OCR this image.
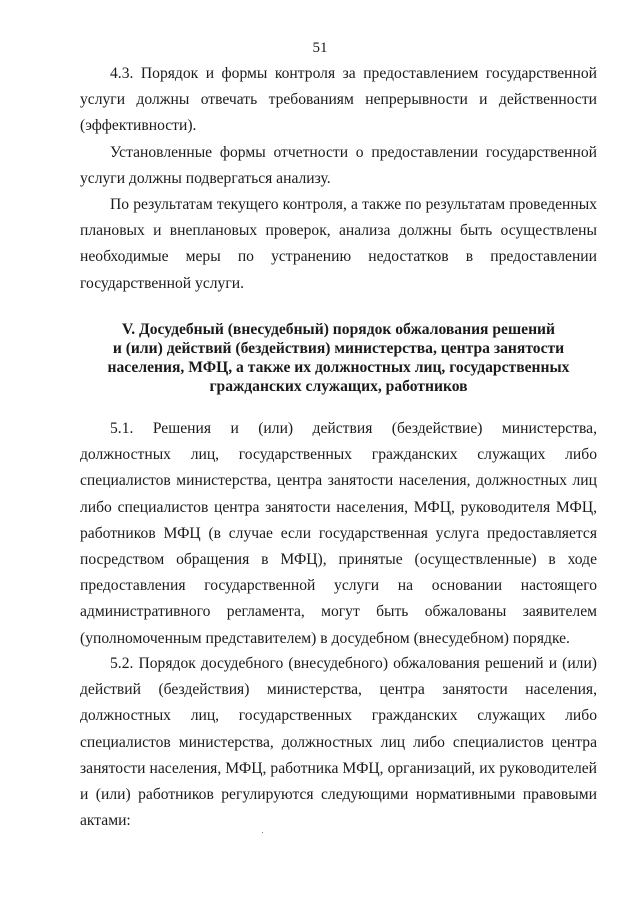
51

4.3. Порядок и формы контроля за предоставлением государственной услуги должны отвечать требованиям непрерывности и действенности (эффективности).

Установленные формы отчетности о предоставлении государственной услуги должны подвергаться анализу.

По результатам текущего контроля, а также по результатам проведенных плановых и внеплановых проверок, анализа должны быть осуществлены необходимые меры по устранению недостатков в предоставлении государственной услуги.

V. Досудебный (внесудебный) порядок обжалования решений
и (или) действий (бездействия) министерства, центра занятости
населения, МФЦ, а также их должностных лиц, государственных
гражданских служащих, работников

5.1. Решения и (или) действия (бездействие) министерства, должностных лиц, государственных гражданских служащих либо специалистов министерства, центра занятости населения, должностных лиц либо специалистов центра занятости населения, МФЦ, руководителя МФЦ, работников МФЦ (в случае если государственная услуга предоставляется посредством обращения в МФЦ), принятые (осуществленные) в ходе предоставления государственной услуги на основании настоящего административного регламента, могут быть обжалованы заявителем (уполномоченным представителем) в досудебном (внесудебном) порядке.

5.2. Порядок досудебного (внесудебного) обжалования решений и (или) действий (бездействия) министерства, центра занятости населения, должностных лиц, государственных гражданских служащих либо специалистов министерства, должностных лиц либо специалистов центра занятости населения, МФЦ, работника МФЦ, организаций, их руководителей и (или) работников регулируются следующими нормативными правовыми актами:
